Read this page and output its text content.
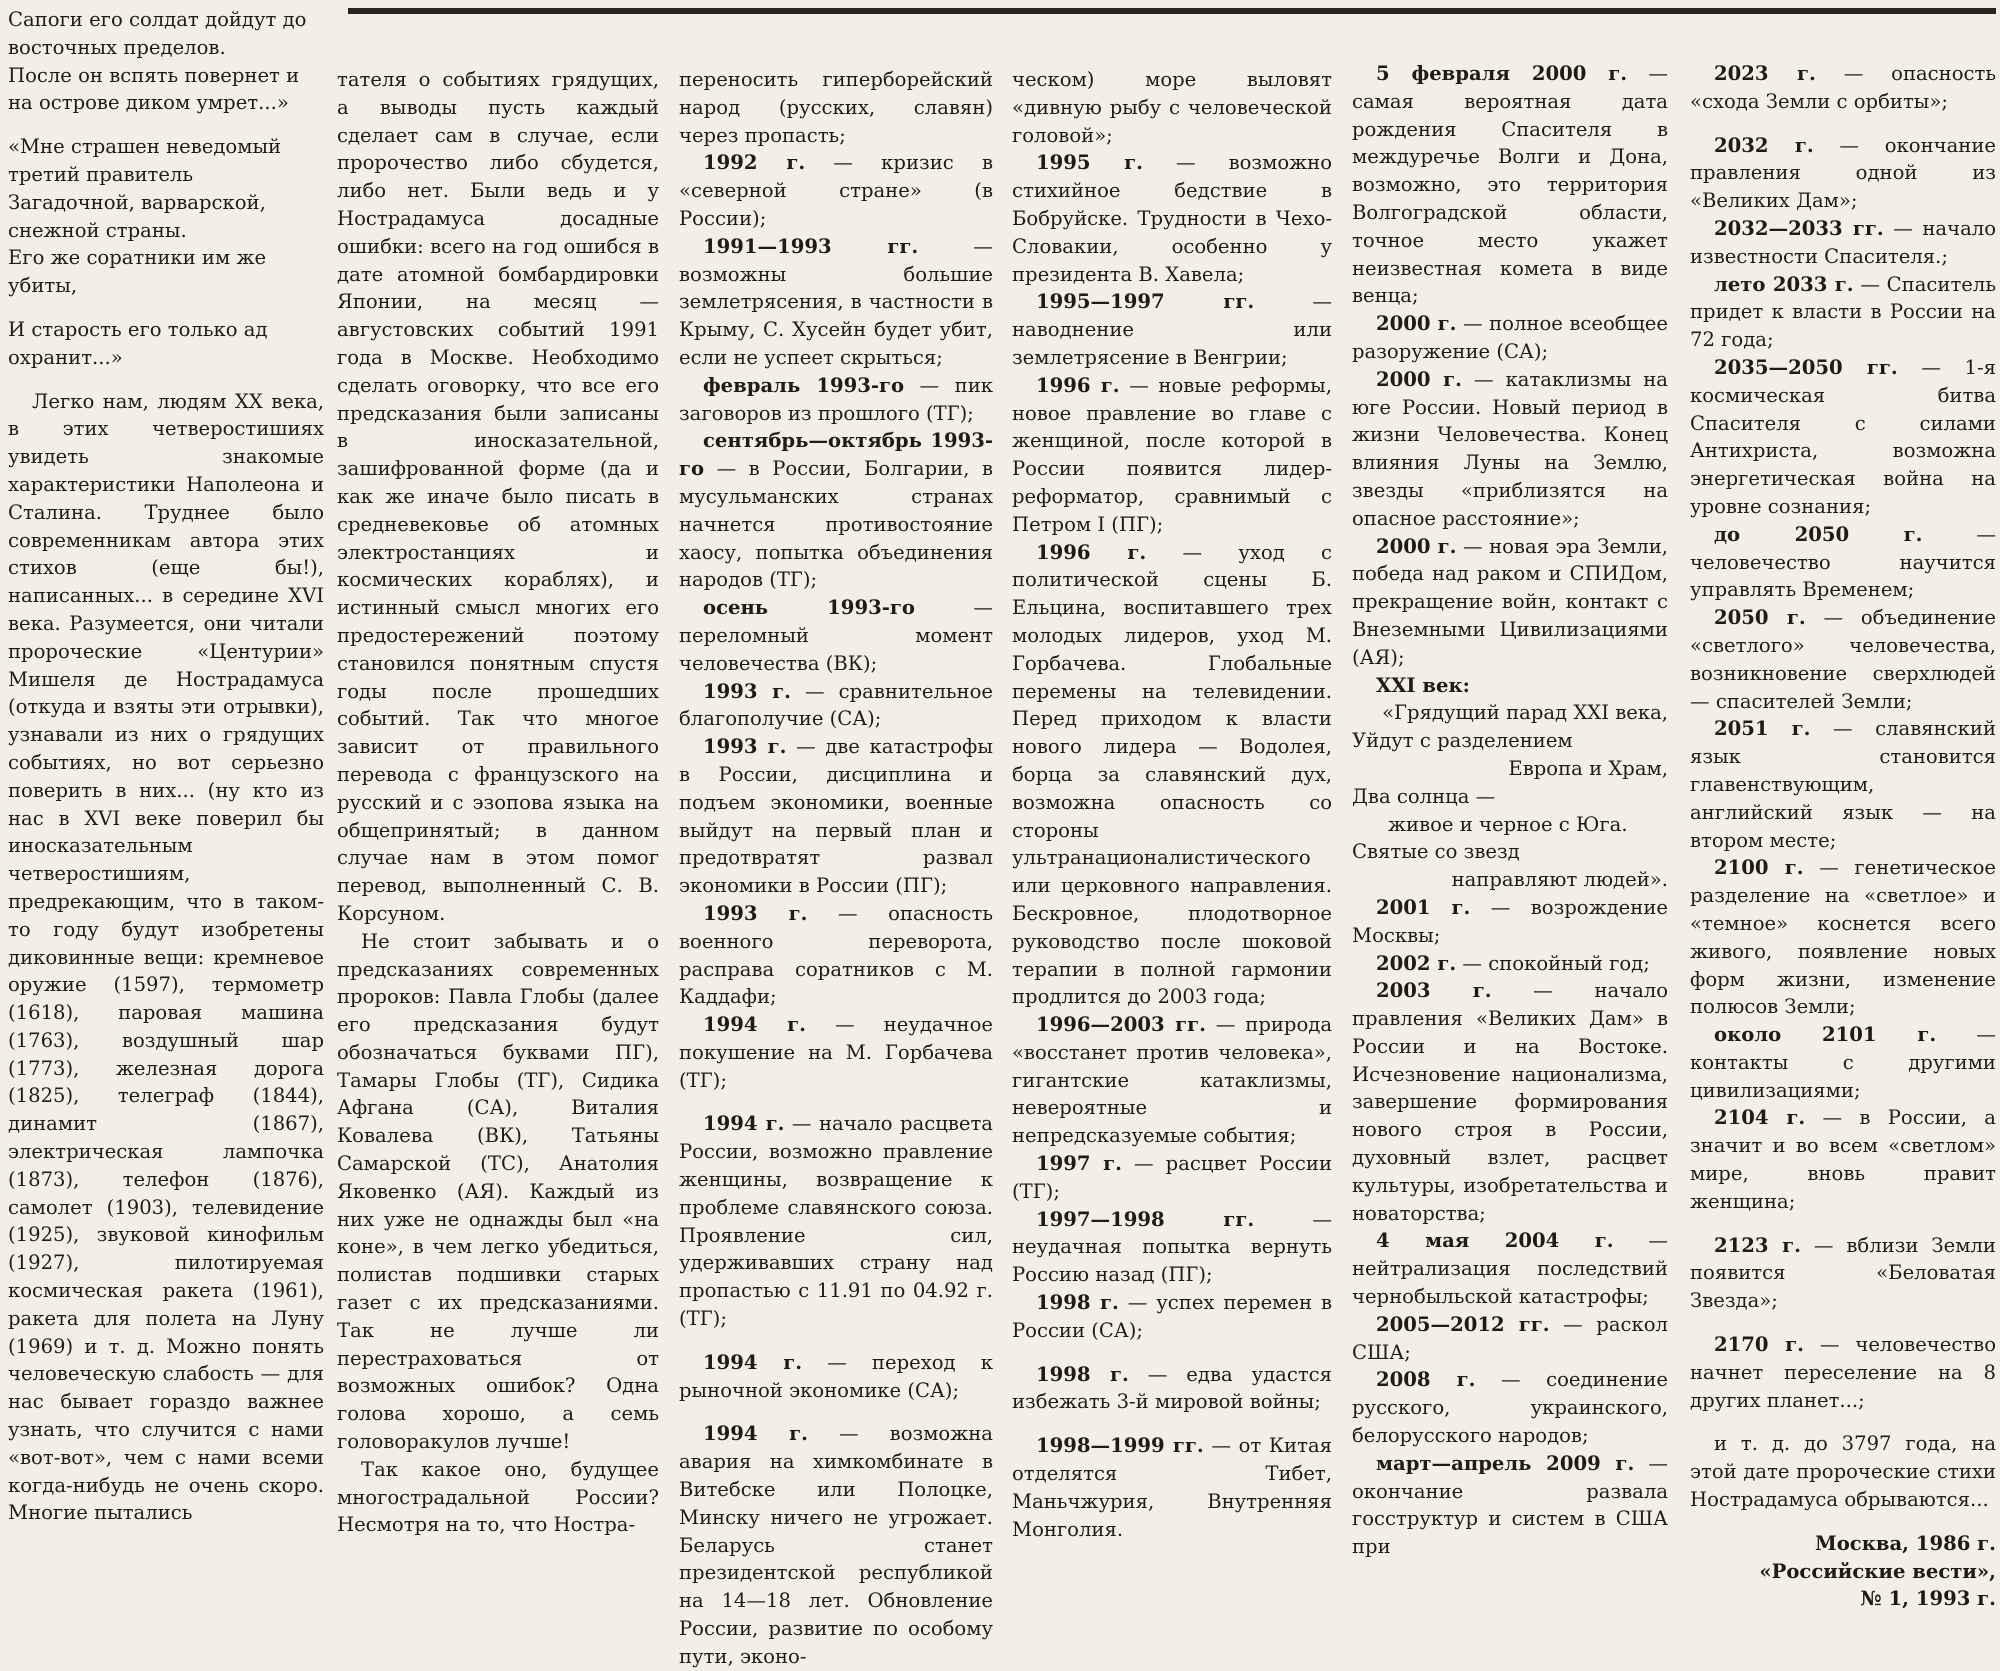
Сапоги его солдат дойдут до восточных пределов.

После он вспять повернет и на острове диком умрет...»

«Мне страшен неведомый третий правитель

Загадочной, варварской, снежной страны.

Его же соратники им же убиты,

И старость его только ад охранит...»

Легко нам, людям XX века, в этих четверостишиях увидеть знакомые характеристики Наполеона и Сталина. Труднее было современникам автора этих стихов (еще бы!), написанных... в середине XVI века. Разумеется, они читали пророческие «Центурии» Мишеля де Нострадамуса (откуда и взяты эти отрывки), узнавали из них о грядущих событиях, но вот серьезно поверить в них... (ну кто из нас в XVI веке поверил бы иносказательным четверостишиям, предрекающим, что в таком-то году будут изобретены диковинные вещи: кремневое оружие (1597), термометр (1618), паровая машина (1763), воздушный шар (1773), железная дорога (1825), телеграф (1844), динамит (1867), электрическая лампочка (1873), телефон (1876), самолет (1903), телевидение (1925), звуковой кинофильм (1927), пилотируемая космическая ракета (1961), ракета для полета на Луну (1969) и т. д. Можно понять человеческую слабость — для нас бывает гораздо важнее узнать, что случится с нами «вот-вот», чем с нами всеми когда-нибудь не очень скоро. Многие пытались

тателя о событиях грядущих, а выводы пусть каждый сделает сам в случае, если пророчество либо сбудется, либо нет. Были ведь и у Нострадамуса досадные ошибки: всего на год ошибся в дате атомной бомбардировки Японии, на месяц —августовских событий 1991 года в Москве. Необходимо сделать оговорку, что все его предсказания были записаны в иносказательной, зашифрованной форме (да и как же иначе было писать в средневековье об атомных электростанциях и космических кораблях), и истинный смысл многих его предостережений поэтому становился понятным спустя годы после прошедших событий. Так что многое зависит от правильного перевода с французского на русский и с эзопова языка на общепринятый; в данном случае нам в этом помог перевод, выполненный С. В. Корсуном.

Не стоит забывать и о предсказаниях современных пророков: Павла Глобы (далее его предсказания будут обозначаться буквами ПГ), Тамары Глобы (ТГ), Сидика Афгана (СА), Виталия Ковалева (ВК), Татьяны Самарской (ТС), Анатолия Яковенко (АЯ). Каждый из них уже не однажды был «на коне», в чем легко убедиться, полистав подшивки старых газет с их предсказаниями. Так не лучше ли перестраховаться от возможных ошибок? Одна голова хорошо, а семь головоракулов лучше!

Так какое оно, будущее многострадальной России? Несмотря на то, что Нострa-

переносить гиперборейский народ (русских, славян) через пропасть;

1992 г. — кризис в «северной стране» (в России);

1991—1993 гг. — возможны большие землетрясения, в частности в Крыму, С. Хусейн будет убит, если не успеет скрыться;

февраль 1993-го — пик заговоров из прошлого (ТГ);

сентябрь—октябрь 1993-го — в России, Болгарии, в мусульманских странах начнется противостояние хаосу, попытка объединения народов (ТГ);

осень 1993-го — переломный момент человечества (ВК);

1993 г. — сравнительное благополучие (СА);

1993 г. — две катастрофы в России, дисциплина и подъем экономики, военные выйдут на первый план и предотвратят развал экономики в России (ПГ);

1993 г. — опасность военного переворота, расправа соратников с М. Каддафи;

1994 г. — неудачное покушение на М. Горбачева (ТГ);

1994 г. — начало расцвета России, возможно правление женщины, возвращение к проблеме славянского союза. Проявление сил, удерживавших страну над пропастью с 11.91 по 04.92 г. (ТГ);

1994 г. — переход к рыночной экономике (СА);

1994 г. — возможна авария на химкомбинате в Витебске или Полоцке, Минску ничего не угрожает. Беларусь станет президентской республикой на 14—18 лет. Обновление России, развитие по особому пути, эконо-

ческом) море выловят «дивную рыбу с человеческой головой»;

1995 г. — возможно стихийное бедствие в Бобруйске. Трудности в Чехо-Словакии, особенно у президента В. Хавела;

1995—1997 гг. — наводнение или землетрясение в Венгрии;

1996 г. — новые реформы, новое правление во главе с женщиной, после которой в России появится лидер-реформатор, сравнимый с Петром I (ПГ);

1996 г. — уход с политической сцены Б. Ельцина, воспитавшего трех молодых лидеров, уход М. Горбачева. Глобальные перемены на телевидении. Перед приходом к власти нового лидера — Водолея, борца за славянский дух, возможна опасность со стороны ультранационалистического или церковного направления. Бескровное, плодотворное руководство после шоковой терапии в полной гармонии продлится до 2003 года;

1996—2003 гг. — природа «восстанет против человека», гигантские катаклизмы, невероятные и непредсказуемые события;

1997 г. — расцвет России (ТГ);

1997—1998 гг. — неудачная попытка вернуть Россию назад (ПГ);

1998 г. — успех перемен в России (СА);

1998 г. — едва удастся избежать 3-й мировой войны;

1998—1999 гг. — от Китая отделятся Тибет, Маньчжурия, Внутренняя Монголия.

5 февраля 2000 г. — самая вероятная дата рождения Спасителя в междуречье Волги и Дона, возможно, это территория Волгоградской области, точное место укажет неизвестная комета в виде венца;

2000 г. — полное всеобщее разоружение (СА);

2000 г. — катаклизмы на юге России. Новый период в жизни Человечества. Конец влияния Луны на Землю, звезды «приблизятся на опасное расстояние»;

2000 г. — новая эра Земли, победа над раком и СПИДом, прекращение войн, контакт с Внеземными Цивилизациями (АЯ);

XXI век:

«Грядущий парад XXI века,

Уйдут с разделением

Европа и Храм,

Два солнца —

живое и черное с Юга.

Святые со звезд

направляют людей».

2001 г. — возрождение Москвы;

2002 г. — спокойный год;

2003 г. — начало правления «Великих Дам» в России и на Востоке. Исчезновение национализма, завершение формирования нового строя в России, духовный взлет, расцвет культуры, изобретательства и новаторства;

4 мая 2004 г. — нейтрализация последствий чернобыльской катастрофы;

2005—2012 гг. — раскол США;

2008 г. — соединение русского, украинского, белорусского народов;

март—апрель 2009 г. — окончание развала госструктур и систем в США при

2023 г. — опасность «схода Земли с орбиты»;

2032 г. — окончание правления одной из «Великих Дам»;

2032—2033 гг. — начало известности Спасителя.;

лето 2033 г. — Спаситель придет к власти в России на 72 года;

2035—2050 гг. — 1-я космическая битва Спасителя с силами Антихриста, возможна энергетическая война на уровне сознания;

до 2050 г. — человечество научится управлять Временем;

2050 г. — объединение «светлого» человечества, возникновение сверхлюдей — спасителей Земли;

2051 г. — славянский язык становится главенствующим, английский язык — на втором месте;

2100 г. — генетическое разделение на «светлое» и «темное» коснется всего живого, появление новых форм жизни, изменение полюсов Земли;

около 2101 г. — контакты с другими цивилизациями;

2104 г. — в России, а значит и во всем «светлом» мире, вновь правит женщина;

2123 г. — вблизи Земли появится «Беловатая Звезда»;

2170 г. — человечество начнет переселение на 8 других планет...;

и т. д. до 3797 года, на этой дате пророческие стихи Нострадамуса обрываются...

Москва, 1986 г.

«Российские вести»,

№ 1, 1993 г.
